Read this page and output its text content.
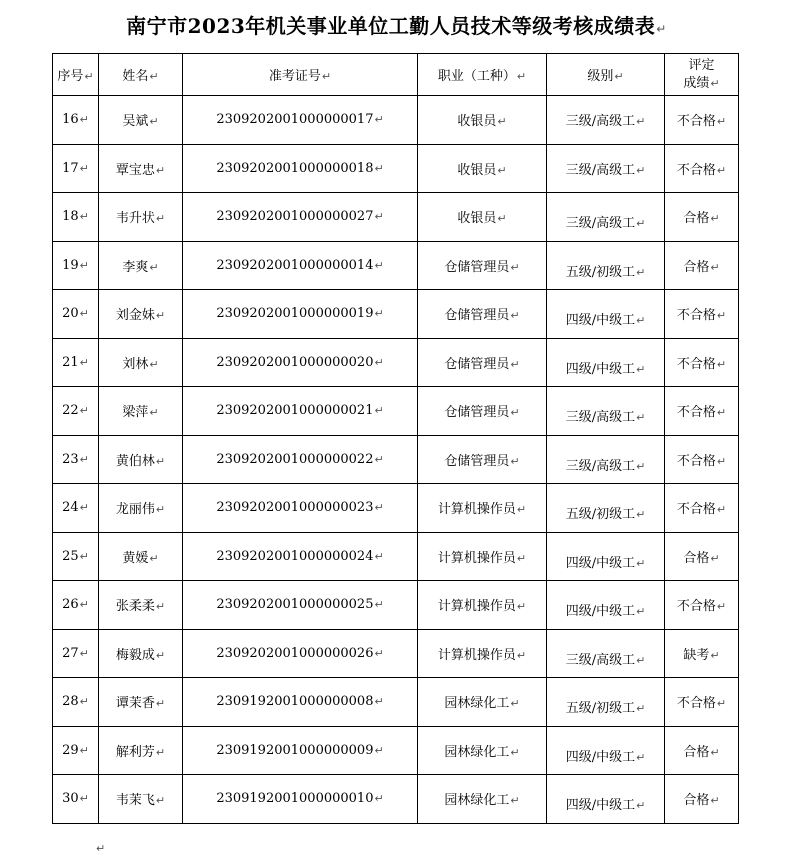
南宁市2023年机关事业单位工勤人员技术等级考核成绩表↵
序号↵	姓名↵	准考证号↵	职业（工种）↵	级别↵	评定
成绩↵

16↵	吴斌↵	2309202001000000017↵	收银员↵	三级/高级工↵	不合格↵
17↵	覃宝忠↵	2309202001000000018↵	收银员↵	三级/高级工↵	不合格↵
18↵	韦升状↵	2309202001000000027↵	收银员↵	三级/高级工↵	合格↵
19↵	李爽↵	2309202001000000014↵	仓储管理员↵	五级/初级工↵	合格↵
20↵	刘金妹↵	2309202001000000019↵	仓储管理员↵	四级/中级工↵	不合格↵
21↵	刘林↵	2309202001000000020↵	仓储管理员↵	四级/中级工↵	不合格↵
22↵	梁萍↵	2309202001000000021↵	仓储管理员↵	三级/高级工↵	不合格↵
23↵	黄伯林↵	2309202001000000022↵	仓储管理员↵	三级/高级工↵	不合格↵
24↵	龙丽伟↵	2309202001000000023↵	计算机操作员↵	五级/初级工↵	不合格↵
25↵	黄媛↵	2309202001000000024↵	计算机操作员↵	四级/中级工↵	合格↵
26↵	张柔柔↵	2309202001000000025↵	计算机操作员↵	四级/中级工↵	不合格↵
27↵	梅毅成↵	2309202001000000026↵	计算机操作员↵	三级/高级工↵	缺考↵
28↵	谭茉香↵	2309192001000000008↵	园林绿化工↵	五级/初级工↵	不合格↵
29↵	解利芳↵	2309192001000000009↵	园林绿化工↵	四级/中级工↵	合格↵
30↵	韦茉飞↵	2309192001000000010↵	园林绿化工↵	四级/中级工↵	合格↵
↵
